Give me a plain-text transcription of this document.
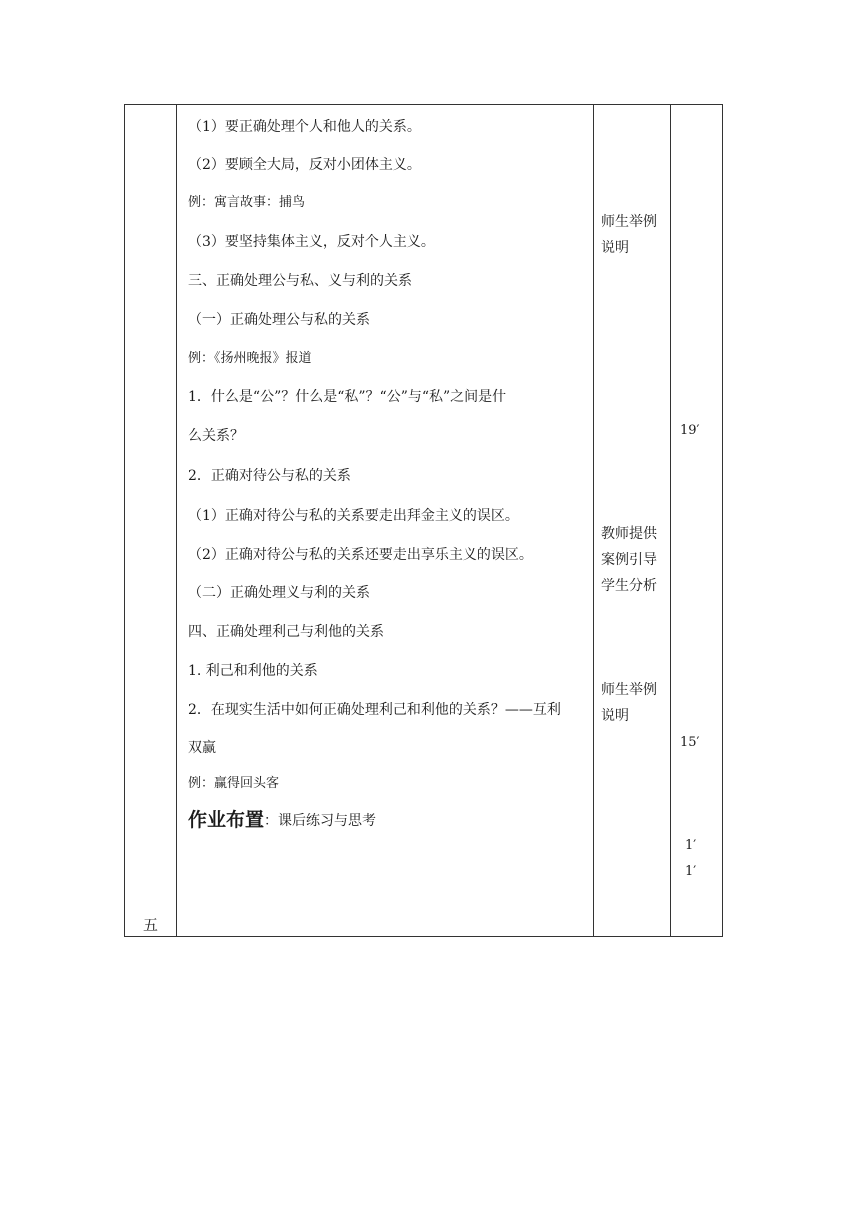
五
（1）要正确处理个人和他人的关系。
（2）要顾全大局，反对小团体主义。
例：寓言故事：捕鸟
（3）要坚持集体主义，反对个人主义。
三、正确处理公与私、义与利的关系
（一）正确处理公与私的关系
例：《扬州晚报》报道
1．什么是“公”？什么是“私”？“公”与“私”之间是什
么关系？
2．正确对待公与私的关系
（1）正确对待公与私的关系要走出拜金主义的误区。
（2）正确对待公与私的关系还要走出享乐主义的误区。
（二）正确处理义与利的关系
四、正确处理利己与利他的关系
1. 利己和利他的关系
2．在现实生活中如何正确处理利己和利他的关系？——互利
双赢
例：赢得回头客
作业布置：课后练习与思考
师生举例
说明
教师提供
案例引导
学生分析
师生举例
说明
19′
15′
1′
1′
